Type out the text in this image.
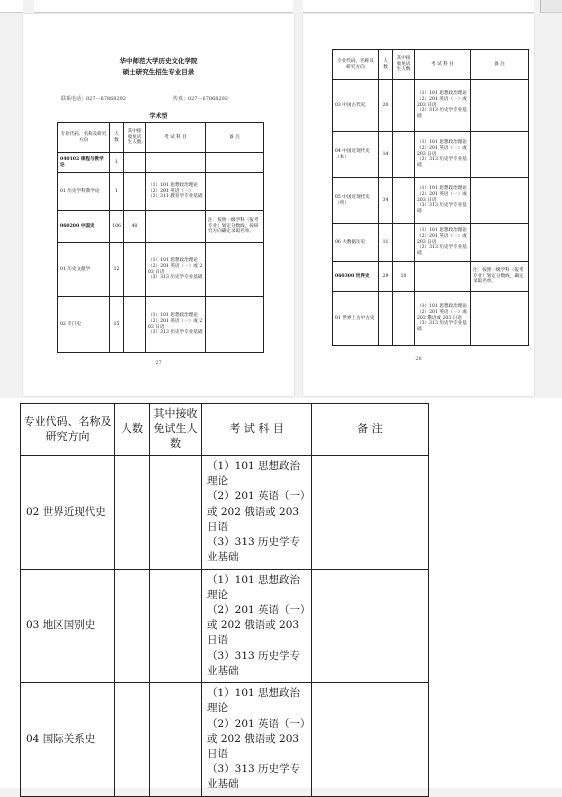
华中师范大学历史文化学院
硕士研究生招生专业目录
联系电话：027－67868292	传真：027－67868292
学术型
专业代码、名称及研究方向	人数	其中接收免试生人数	考 试 科 目	备 注
040102 课程与教学论	1			
01 历史学科教学论	1		（1）101 思想政治理论
（2）201 英语（一）
（3）311 教育学专业基础	

060200 中国史	106	40		注：按照一级学科（报考专业）划定分数线，按研究方向确定录取名单。
01 历史文献学	12		（1）101 思想政治理论
（2）201 英语（一）或 203 日语
（3）313 历史学专业基础	

02 专门史	15		（1）101 思想政治理论
（2）201 英语（一）或 203 日语
（3）313 历史学专业基础	

27
专业代码、名称及研究方向	人数	其中接收免试生人数	考 试 科 目	备 注
03 中国古代史	20		（1）101 思想政治理论
（2）201 英语（一）或 203 日语
（3）313 历史学专业基础	

04 中国近现代史（本）	14		（1）101 思想政治理论
（2）201 英语（一）或 203 日语
（3）313 历史学专业基础	

05 中国近现代史（所）	34		（1）101 思想政治理论
（2）201 英语（一）或 203 日语
（3）313 历史学专业基础	

06 大数据历史	11		（1）101 思想政治理论
（2）201 英语（一）或 203 日语
（3）313 历史学专业基础	

060300 世界史	29	10		注：按照一级学科（报考专业）划定分数线，确定录取名单。
01 世界上古中古史			（1）101 思想政治理论
（2）201 英语（一）或 202 俄语或 203 日语
（3）313 历史学专业基础	

28
专业代码、名称及研究方向	人数	其中接收免试生人数	考 试 科 目	备 注
02 世界近现代史			（1）101 思想政治理论
（2）201 英语（一）或 202 俄语或 203 日语
（3）313 历史学专业基础	

03 地区国别史			（1）101 思想政治理论
（2）201 英语（一）或 202 俄语或 203 日语
（3）313 历史学专业基础	

04 国际关系史			（1）101 思想政治理论
（2）201 英语（一）或 202 俄语或 203 日语
（3）313 历史学专业基础	
